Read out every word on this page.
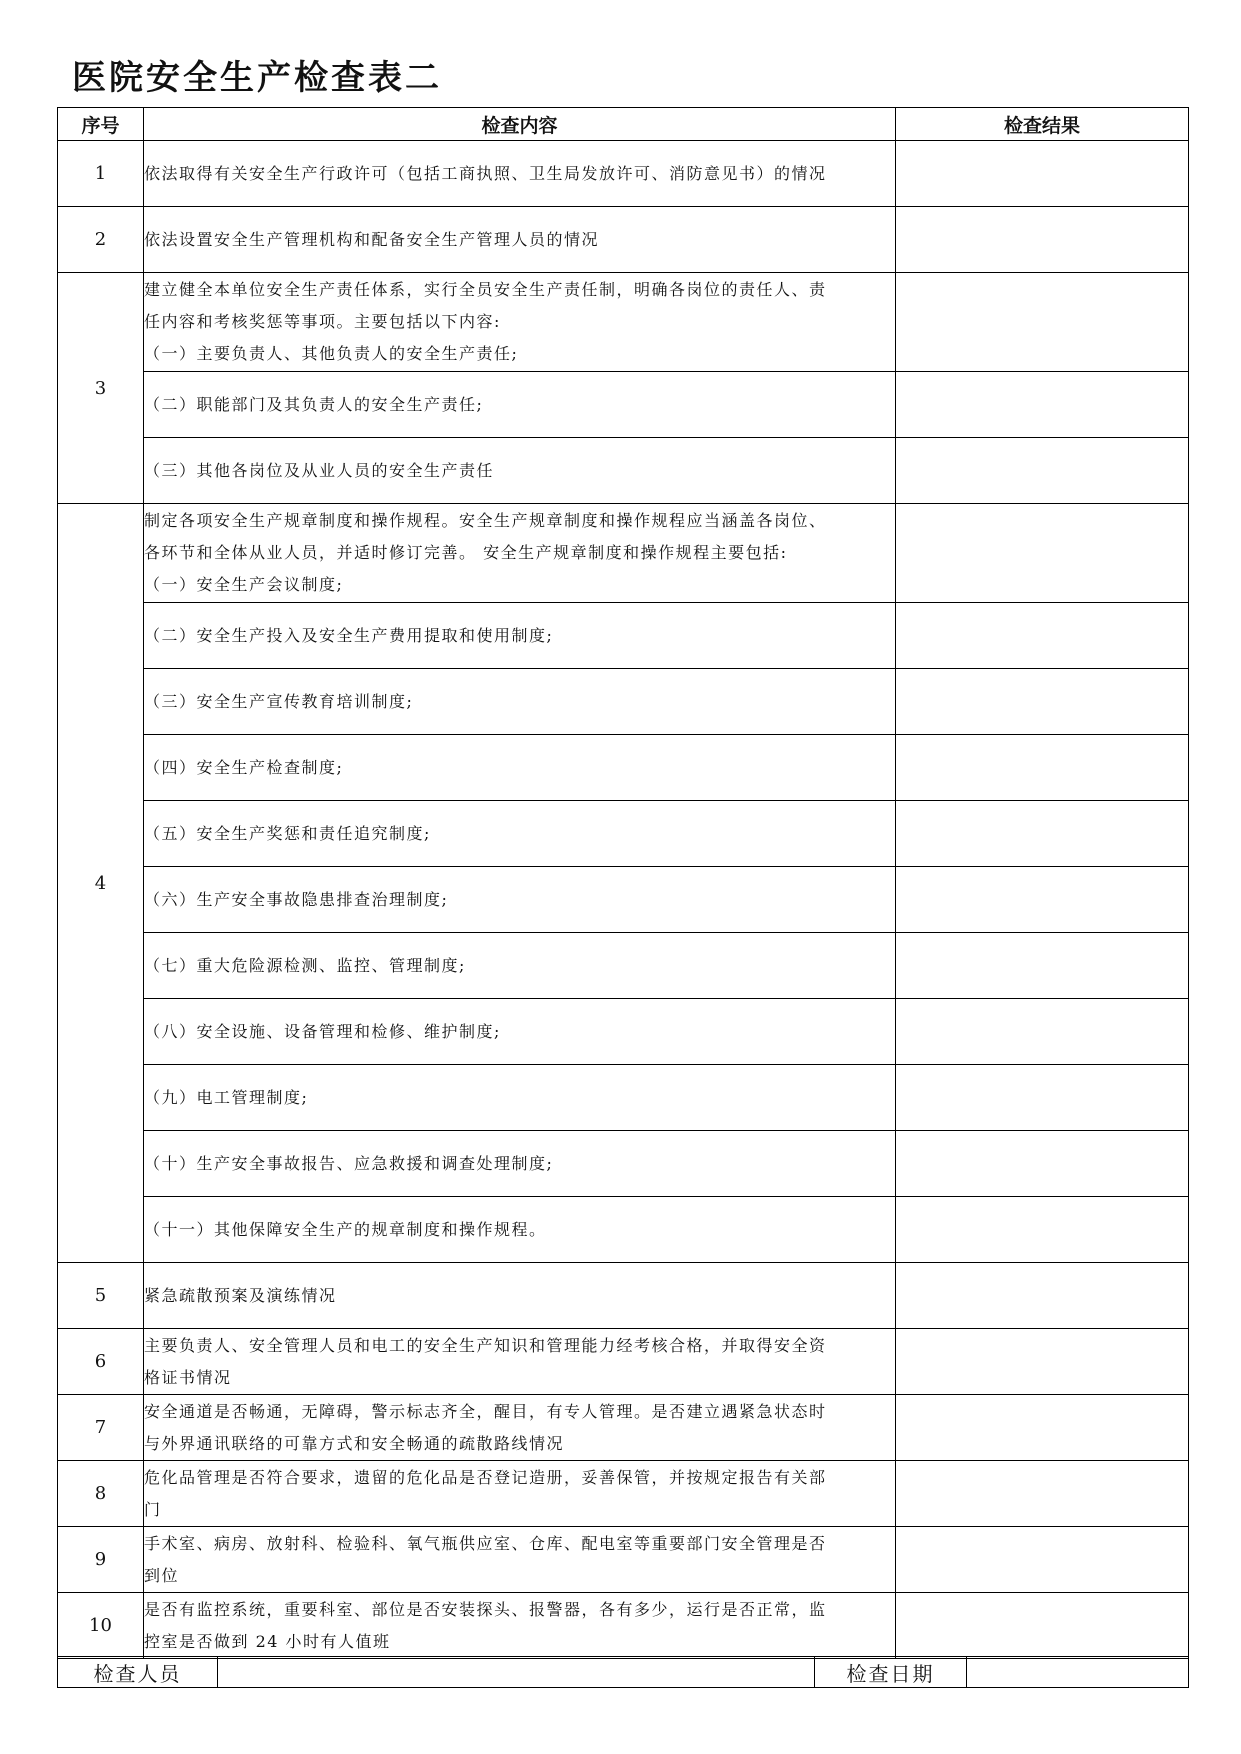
医院安全生产检查表二
序号	检查内容	检查结果
1	依法取得有关安全生产行政许可（包括工商执照、卫生局发放许可、消防意见书）的情况	
2	依法设置安全生产管理机构和配备安全生产管理人员的情况	
3	建立健全本单位安全生产责任体系，实行全员安全生产责任制，明确各岗位的责任人、责
任内容和考核奖惩等事项。主要包括以下内容:
（一）主要负责人、其他负责人的安全生产责任;	
	（二）职能部门及其负责人的安全生产责任;	
	（三）其他各岗位及从业人员的安全生产责任	
4	制定各项安全生产规章制度和操作规程。安全生产规章制度和操作规程应当涵盖各岗位、
各环节和全体从业人员，并适时修订完善。 安全生产规章制度和操作规程主要包括:
（一）安全生产会议制度;	
	（二）安全生产投入及安全生产费用提取和使用制度;	
	（三）安全生产宣传教育培训制度;	
	（四）安全生产检查制度;	
	（五）安全生产奖惩和责任追究制度;	
	（六）生产安全事故隐患排查治理制度;	
	（七）重大危险源检测、监控、管理制度;	
	（八）安全设施、设备管理和检修、维护制度;	
	（九）电工管理制度;	
	（十）生产安全事故报告、应急救援和调查处理制度;	
	（十一）其他保障安全生产的规章制度和操作规程。	
5	紧急疏散预案及演练情况	
6	主要负责人、安全管理人员和电工的安全生产知识和管理能力经考核合格，并取得安全资
格证书情况	
7	安全通道是否畅通，无障碍，警示标志齐全，醒目，有专人管理。是否建立遇紧急状态时
与外界通讯联络的可靠方式和安全畅通的疏散路线情况	
8	危化品管理是否符合要求，遗留的危化品是否登记造册，妥善保管，并按规定报告有关部
门	
9	手术室、病房、放射科、检验科、氧气瓶供应室、仓库、配电室等重要部门安全管理是否
到位	
10	是否有监控系统，重要科室、部位是否安装探头、报警器，各有多少，运行是否正常，监
控室是否做到 24 小时有人值班	
检查人员		检查日期	
